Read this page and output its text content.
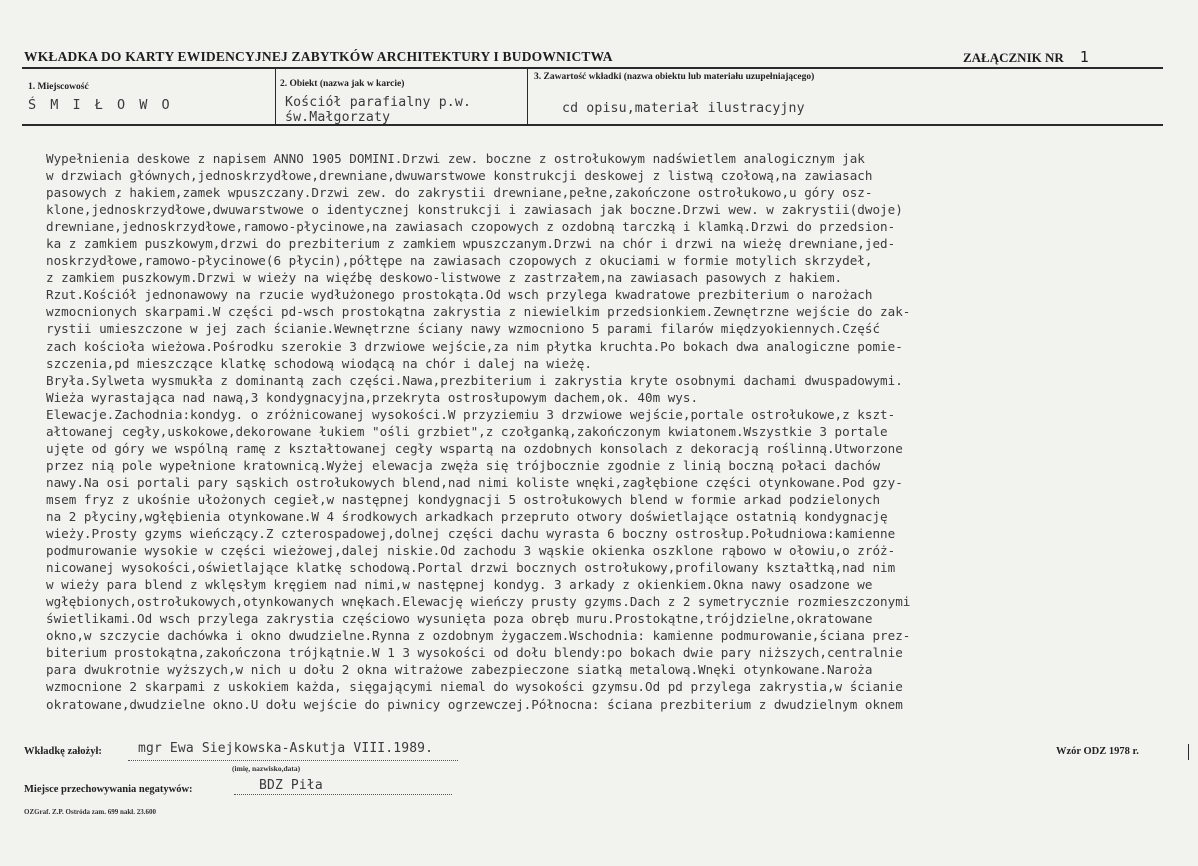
WKŁADKA DO KARTY EWIDENCYJNEJ ZABYTKÓW ARCHITEKTURY I BUDOWNICTWA	ZAŁĄCZNIK NR 1
1. Miejscowość
Ś M I Ł O W O
2. Obiekt (nazwa jak w karcie)
Kościół parafialny p.w.
św.Małgorzaty
3. Zawartość wkładki (nazwa obiektu lub materiału uzupełniającego)
cd opisu,materiał ilustracyjny
Wypełnienia deskowe z napisem ANNO 1905 DOMINI.Drzwi zew. boczne z ostrołukowym nadświetlem analogicznym jak
w drzwiach głównych,jednoskrzydłowe,drewniane,dwuwarstwowe konstrukcji deskowej z listwą czołową,na zawiasach
pasowych z hakiem,zamek wpuszczany.Drzwi zew. do zakrystii drewniane,pełne,zakończone ostrołukowo,u góry osz-
klone,jednoskrzydłowe,dwuwarstwowe o identycznej konstrukcji i zawiasach jak boczne.Drzwi wew. w zakrystii(dwoje)
drewniane,jednoskrzydłowe,ramowo-płycinowe,na zawiasach czopowych z ozdobną tarczką i klamką.Drzwi do przedsion-
ka z zamkiem puszkowym,drzwi do prezbiterium z zamkiem wpuszczanym.Drzwi na chór i drzwi na wieżę drewniane,jed-
noskrzydłowe,ramowo-płycinowe(6 płycin),półtępe na zawiasach czopowych z okuciami w formie motylich skrzydeł,
z zamkiem puszkowym.Drzwi w wieży na więźbę deskowo-listwowe z zastrzałem,na zawiasach pasowych z hakiem.
Rzut.Kościół jednonawowy na rzucie wydłużonego prostokąta.Od wsch przylega kwadratowe prezbiterium o narożach
wzmocnionych skarpami.W części pd-wsch prostokątna zakrystia z niewielkim przedsionkiem.Zewnętrzne wejście do zak-
rystii umieszczone w jej zach ścianie.Wewnętrzne ściany nawy wzmocniono 5 parami filarów międzyokiennych.Część
zach kościoła wieżowa.Pośrodku szerokie 3 drzwiowe wejście,za nim płytka kruchta.Po bokach dwa analogiczne pomie-
szczenia,pd mieszczące klatkę schodową wiodącą na chór i dalej na wieżę.
Bryła.Sylweta wysmukła z dominantą zach części.Nawa,prezbiterium i zakrystia kryte osobnymi dachami dwuspadowymi.
Wieża wyrastająca nad nawą,3 kondygnacyjna,przekryta ostrosłupowym dachem,ok. 40m wys.
Elewacje.Zachodnia:kondyg. o zróżnicowanej wysokości.W przyziemiu 3 drzwiowe wejście,portale ostrołukowe,z kszt-
ałtowanej cegły,uskokowe,dekorowane łukiem "ośli grzbiet",z czołganką,zakończonym kwiatonem.Wszystkie 3 portale
ujęte od góry we wspólną ramę z kształtowanej cegły wspartą na ozdobnych konsolach z dekoracją roślinną.Utworzone
przez nią pole wypełnione kratownicą.Wyżej elewacja zwęża się trójbocznie zgodnie z linią boczną połaci dachów
nawy.Na osi portali pary sąskich ostrołukowych blend,nad nimi koliste wnęki,zagłębione części otynkowane.Pod gzy-
msem fryz z ukośnie ułożonych cegieł,w następnej kondygnacji 5 ostrołukowych blend w formie arkad podzielonych
na 2 płyciny,wgłębienia otynkowane.W 4 środkowych arkadkach przepruto otwory doświetlające ostatnią kondygnację
wieży.Prosty gzyms wieńczący.Z czterospadowej,dolnej części dachu wyrasta 6 boczny ostrosłup.Południowa:kamienne
podmurowanie wysokie w części wieżowej,dalej niskie.Od zachodu 3 wąskie okienka oszklone rąbowo w ołowiu,o zróż-
nicowanej wysokości,oświetlające klatkę schodową.Portal drzwi bocznych ostrołukowy,profilowany kształtką,nad nim
w wieży para blend z wklęsłym kręgiem nad nimi,w następnej kondyg. 3 arkady z okienkiem.Okna nawy osadzone we
wgłębionych,ostrołukowych,otynkowanych wnękach.Elewację wieńczy prusty gzyms.Dach z 2 symetrycznie rozmieszczonymi
świetlikami.Od wsch przylega zakrystia częściowo wysunięta poza obręb muru.Prostokątne,trójdzielne,okratowane
okno,w szczycie dachówka i okno dwudzielne.Rynna z ozdobnym żygaczem.Wschodnia: kamienne podmurowanie,ściana prez-
biterium prostokątna,zakończona trójkątnie.W 1 3 wysokości od dołu blendy:po bokach dwie pary niższych,centralnie
para dwukrotnie wyższych,w nich u dołu 2 okna witrażowe zabezpieczone siatką metalową.Wnęki otynkowane.Naroża
wzmocnione 2 skarpami z uskokiem każda, sięgającymi niemal do wysokości gzymsu.Od pd przylega zakrystia,w ścianie
okratowane,dwudzielne okno.U dołu wejście do piwnicy ogrzewczej.Północna: ściana prezbiterium z dwudzielnym oknem
Wkładkę założył:	mgr Ewa Siejkowska-Askutja VIII.1989.
(imię, nazwisko,data)
Wzór ODZ 1978 r.
Miejsce przechowywania negatywów:	BDZ Piła
OZGraf. Z.P. Ostróda zam. 699 nakł. 23.600
